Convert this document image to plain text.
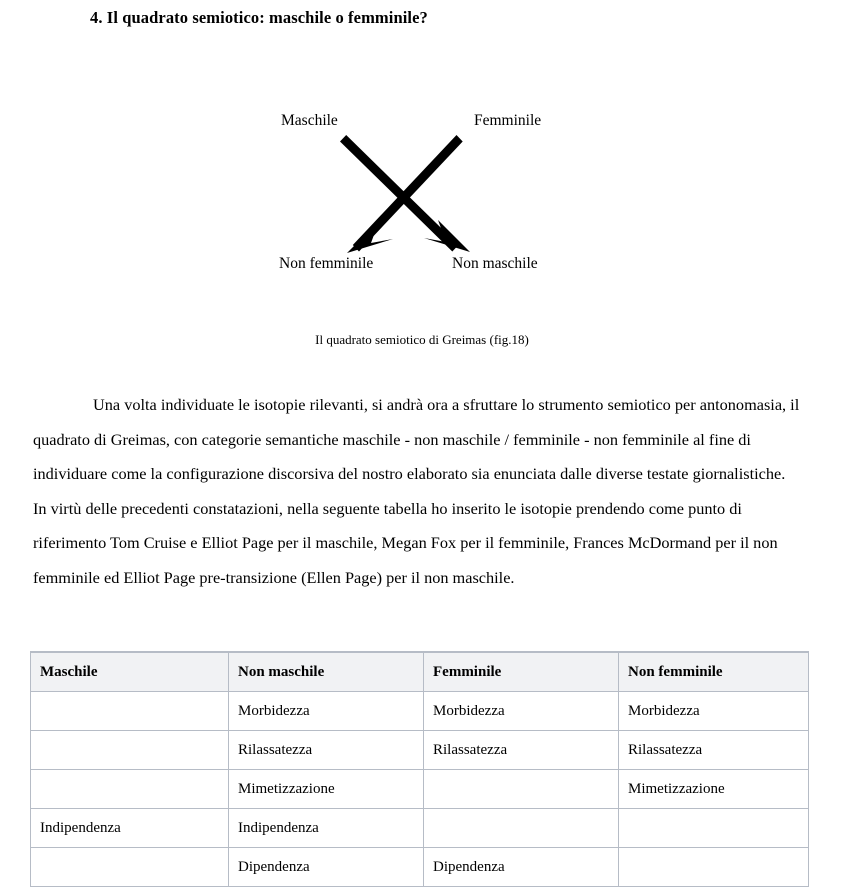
4. Il quadrato semiotico: maschile o femminile?
Maschile	Femminile
Non femminile	Non maschile
Il quadrato semiotico di Greimas (fig.18)
Una volta individuate le isotopie rilevanti, si andrà ora a sfruttare lo strumento semiotico per antonomasia, il quadrato di Greimas, con categorie semantiche maschile - non maschile / femminile - non femminile al fine di individuare come la configurazione discorsiva del nostro elaborato sia enunciata dalle diverse testate giornalistiche.
In virtù delle precedenti constatazioni, nella seguente tabella ho inserito le isotopie prendendo come punto di riferimento Tom Cruise e Elliot Page per il maschile, Megan Fox per il femminile, Frances McDormand per il non femminile ed Elliot Page pre-transizione (Ellen Page) per il non maschile.
Maschile	Non maschile	Femminile	Non femminile
	Morbidezza	Morbidezza	Morbidezza
	Rilassatezza	Rilassatezza	Rilassatezza
	Mimetizzazione		Mimetizzazione
Indipendenza	Indipendenza		
	Dipendenza	Dipendenza	
